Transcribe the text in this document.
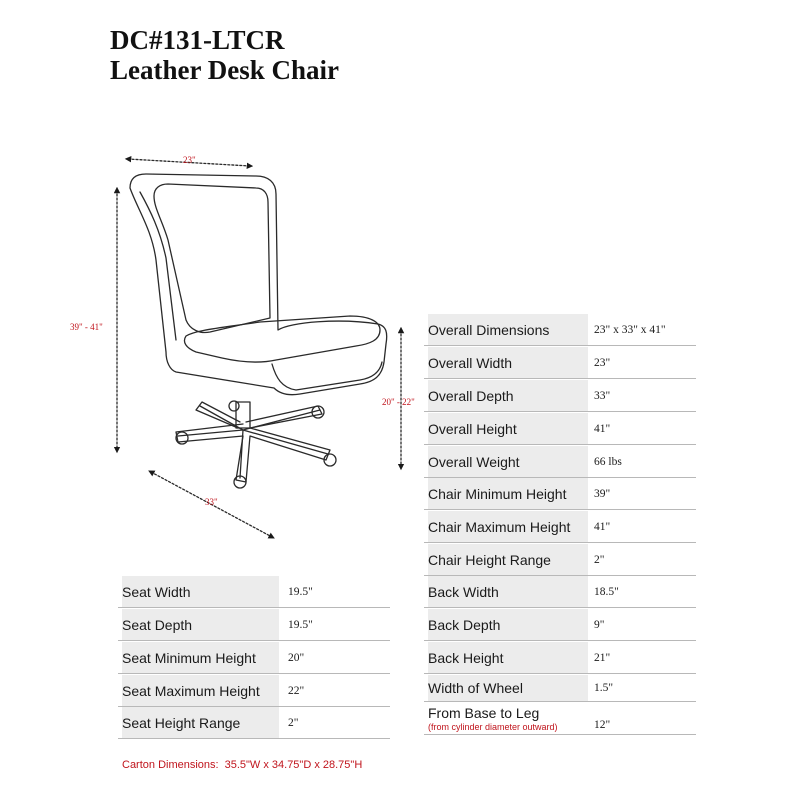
DC#131-LTCR
Leather Desk Chair
23"
39" - 41"
20" - 22"
33"
Overall Dimensions	23" x 33" x 41"
Overall Width	23"
Overall Depth	33"
Overall Height	41"
Overall Weight	66 lbs
Chair Minimum Height	39"
Chair Maximum Height	41"
Chair Height Range	2"
Back Width	18.5"
Back Depth	9"
Back Height	21"
Width of Wheel	1.5"
From Base to Leg
(from cylinder diameter outward)	12"
Seat Width	19.5"
Seat Depth	19.5"
Seat Minimum Height	20"
Seat Maximum Height	22"
Seat Height Range	2"
Carton Dimensions: 35.5"W x 34.75"D x 28.75"H
